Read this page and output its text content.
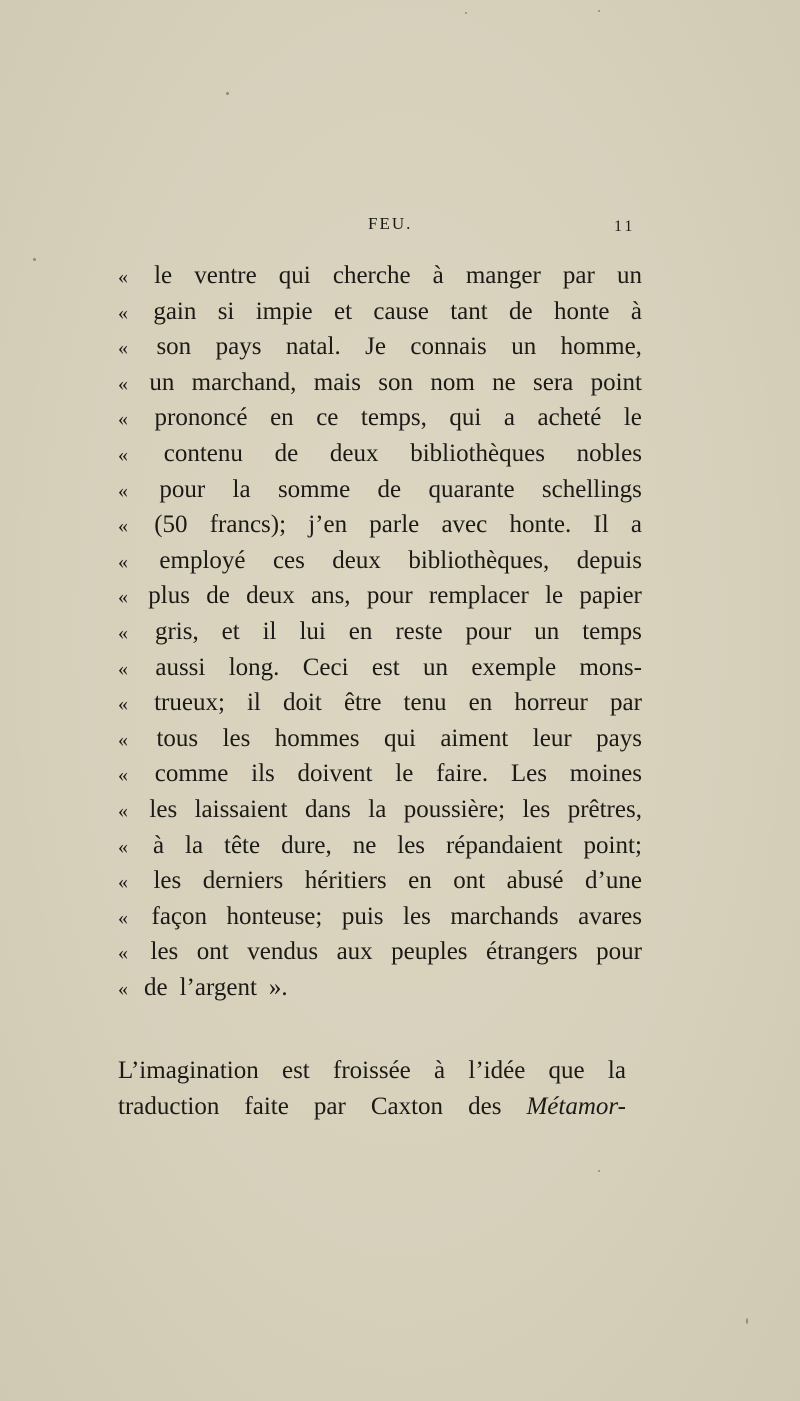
FEU.	11
« le ventre qui cherche à manger par un
« gain si impie et cause tant de honte à
« son pays natal. Je connais un homme,
« un marchand, mais son nom ne sera point
« prononcé en ce temps, qui a acheté le
« contenu de deux bibliothèques nobles
« pour la somme de quarante schellings
« (50 francs); j’en parle avec honte. Il a
« employé ces deux bibliothèques, depuis
« plus de deux ans, pour remplacer le papier
« gris, et il lui en reste pour un temps
« aussi long. Ceci est un exemple mons-
« trueux; il doit être tenu en horreur par
« tous les hommes qui aiment leur pays
« comme ils doivent le faire. Les moines
« les laissaient dans la poussière; les prêtres,
« à la tête dure, ne les répandaient point;
« les derniers héritiers en ont abusé d’une
« façon honteuse; puis les marchands avares
« les ont vendus aux peuples étrangers pour
« de l’argent ».
L’imagination est froissée à l’idée que la
traduction faite par Caxton des Métamor-
